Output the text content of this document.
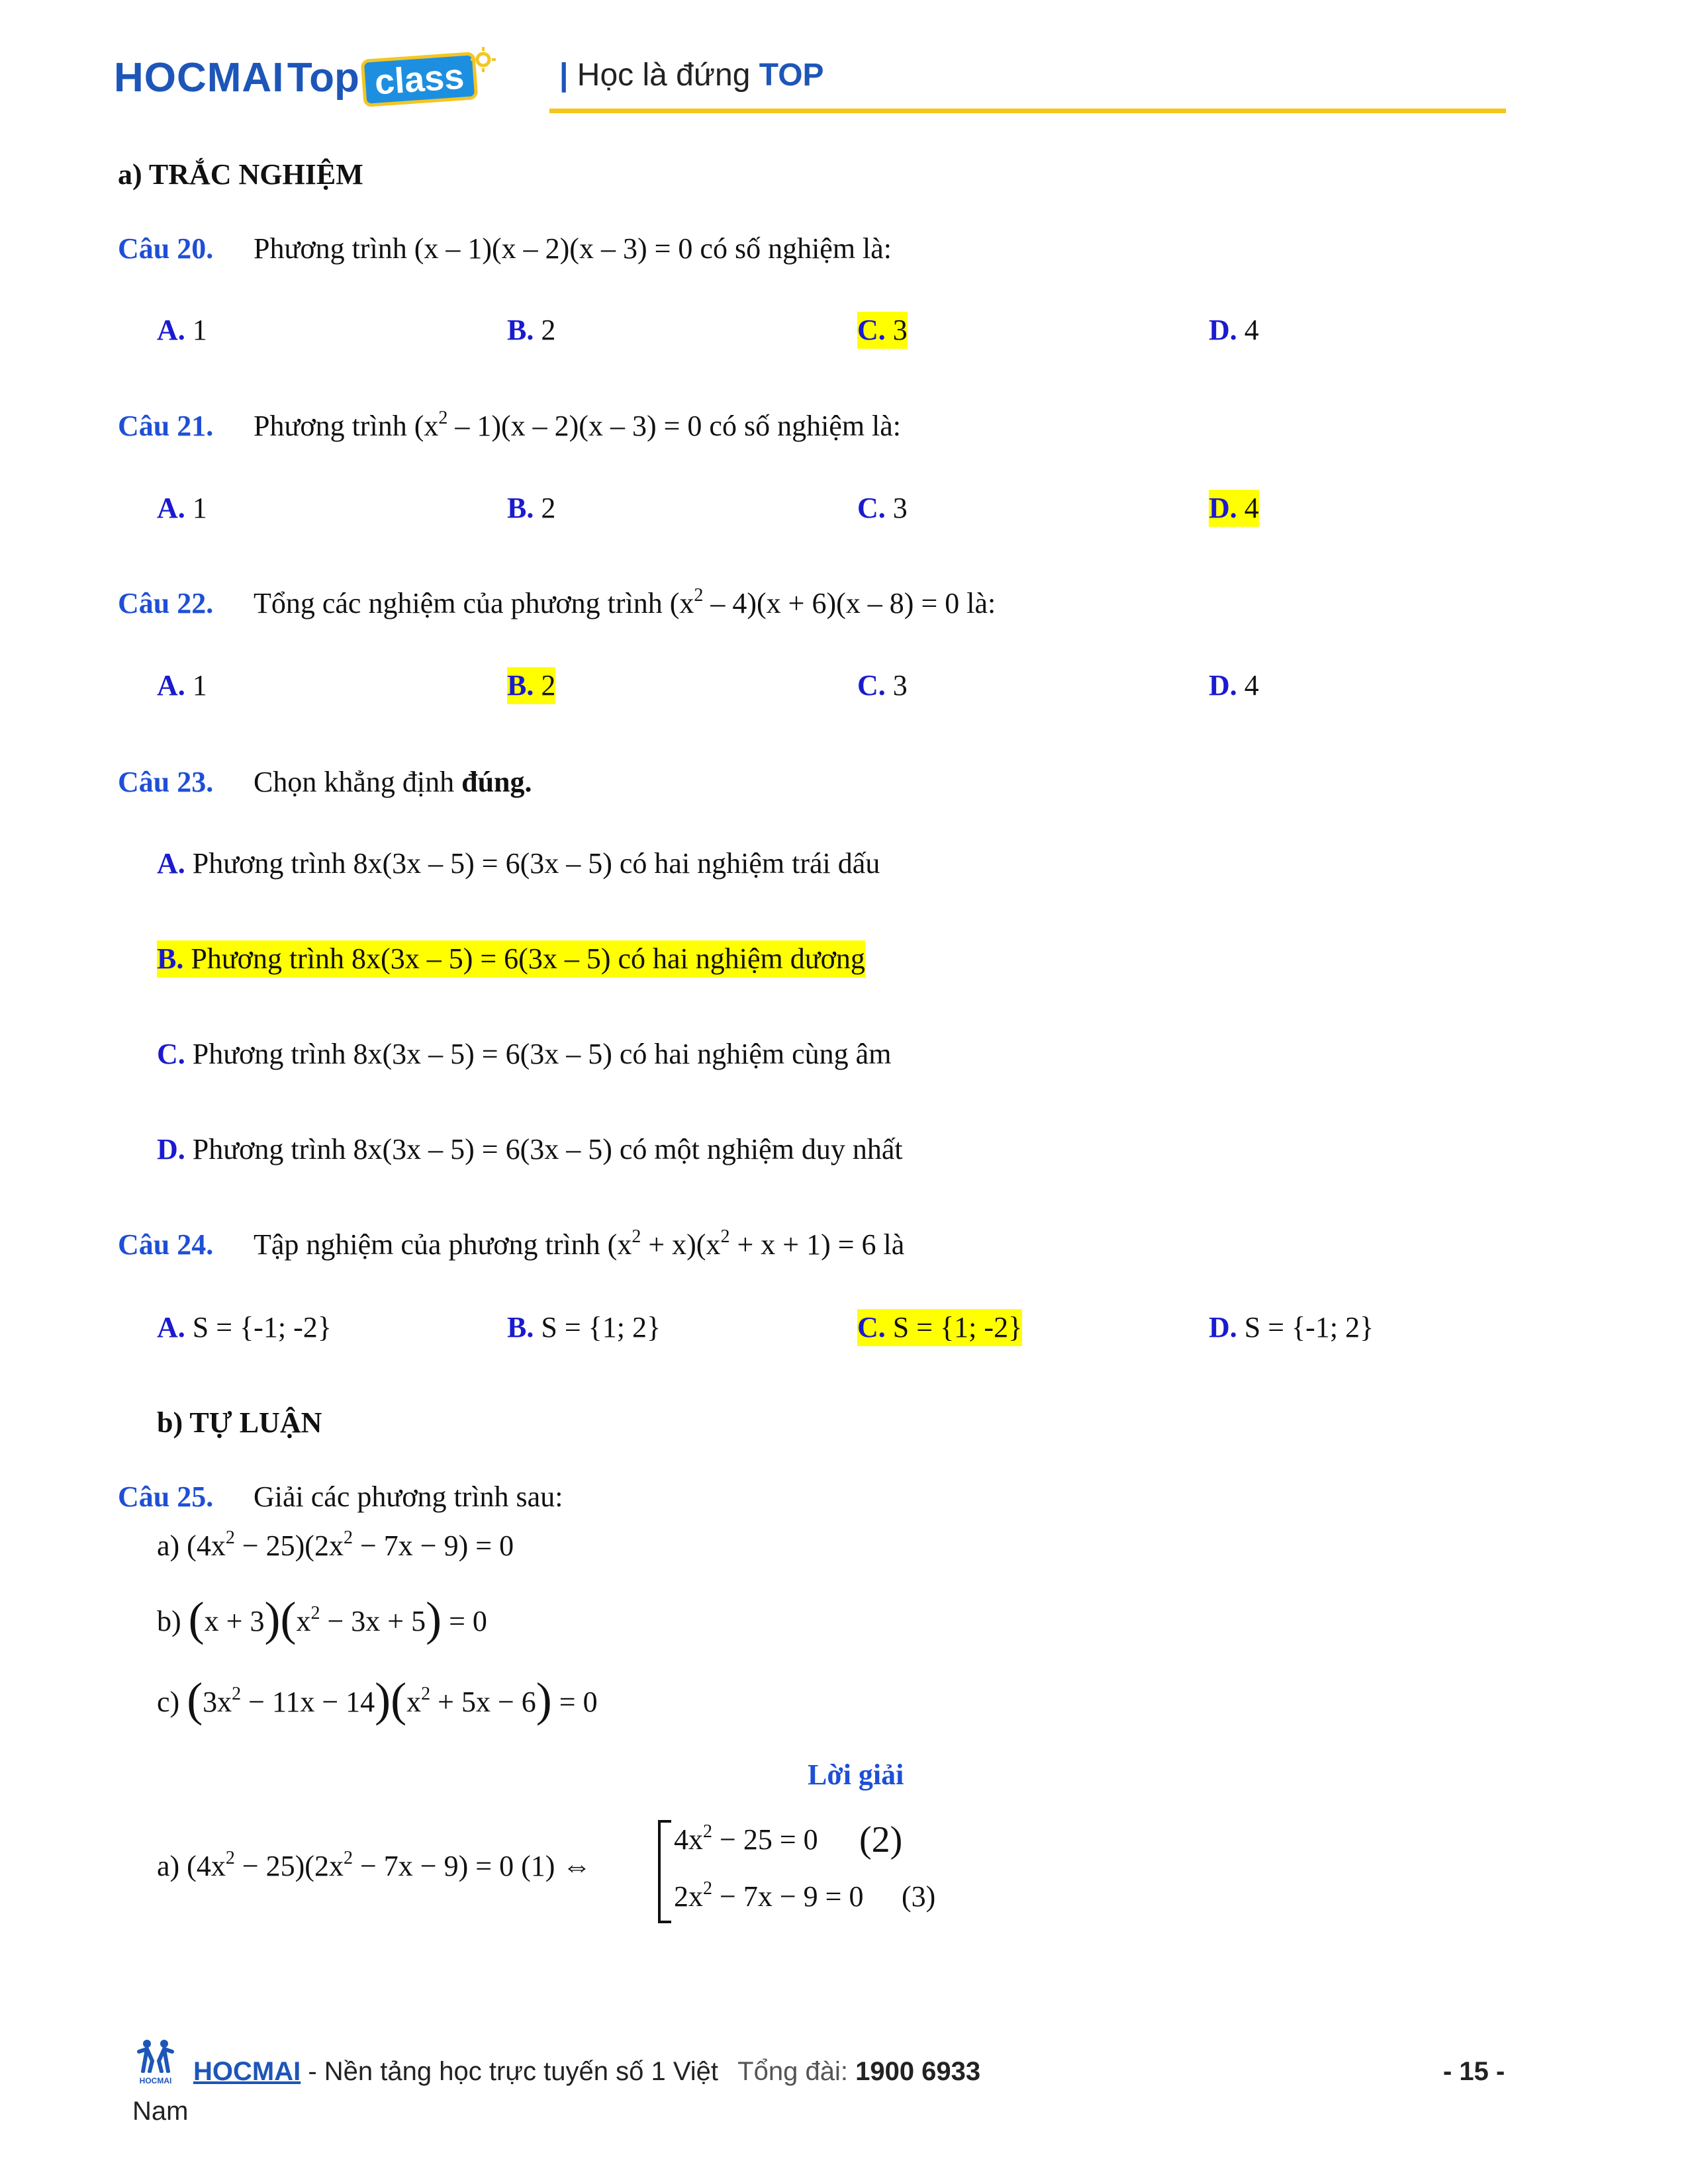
HOCMAI Top class	| Học là đứng TOP
a) TRẮC NGHIỆM
Câu 20. Phương trình (x – 1)(x – 2)(x – 3) = 0 có số nghiệm là:
A. 1	B. 2	C. 3	D. 4
Câu 21. Phương trình $(x^2 - 1)(x - 2)(x - 3) = 0$ có số nghiệm là:
A. 1	B. 2	C. 3	D. 4
Câu 22. Tổng các nghiệm của phương trình $(x^2 - 4)(x + 6)(x - 8) = 0$ là:
A. 1	B. 2	C. 3	D. 4
Câu 23. Chọn khẳng định đúng.
A. Phương trình 8x(3x – 5) = 6(3x – 5) có hai nghiệm trái dấu
B. Phương trình 8x(3x – 5) = 6(3x – 5) có hai nghiệm dương
C. Phương trình 8x(3x – 5) = 6(3x – 5) có hai nghiệm cùng âm
D. Phương trình 8x(3x – 5) = 6(3x – 5) có một nghiệm duy nhất
Câu 24. Tập nghiệm của phương trình $(x^2 + x)(x^2 + x + 1) = 6$ là
A. S = {-1; -2}	B. S = {1; 2}	C. S = {1; -2}	D. S = {-1; 2}
b) TỰ LUẬN
Câu 25. Giải các phương trình sau:
a) $(4x^2 - 25)(2x^2 - 7x - 9) = 0$
b) $(x + 3)(x^2 - 3x + 5) = 0$
c) $(3x^2 - 11x - 14)(x^2 + 5x - 6) = 0$
Lời giải
a) $(4x^2 - 25)(2x^2 - 7x - 9) = 0$ (1) ⇔
$4x^2 - 25 = 0$ (2)
$2x^2 - 7x - 9 = 0$ (3)
HOCMAI HOCMAI - Nền tảng học trực tuyến số 1 Việt Tổng đài: 1900 6933	- 15 -
Nam
